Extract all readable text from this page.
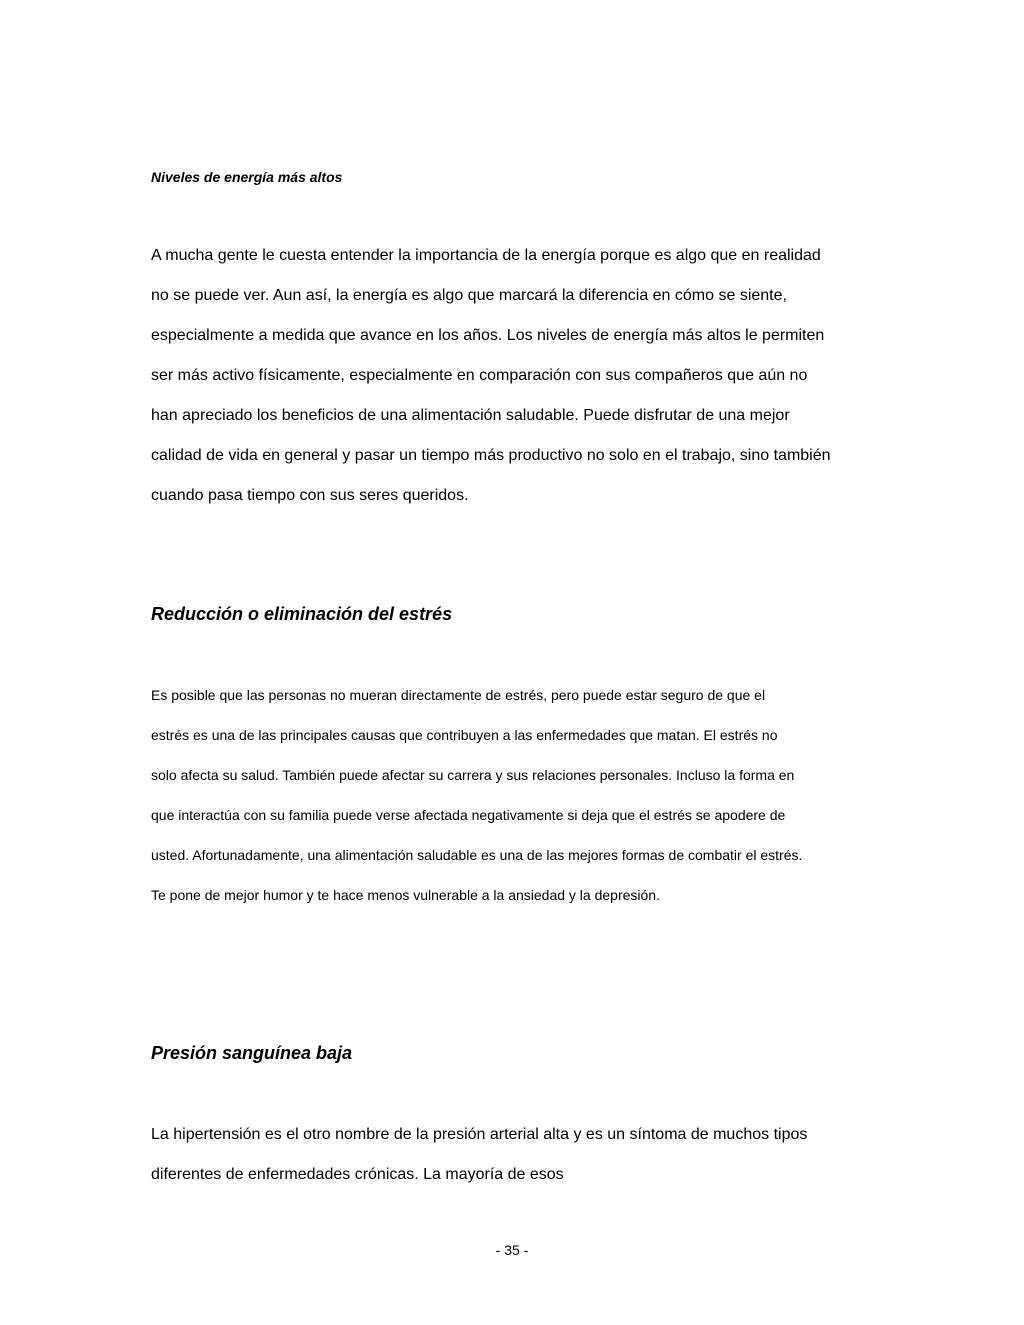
Niveles de energía más altos
A mucha gente le cuesta entender la importancia de la energía porque es algo que en realidad
no se puede ver. Aun así, la energía es algo que marcará la diferencia en cómo se siente,
especialmente a medida que avance en los años. Los niveles de energía más altos le permiten
ser más activo físicamente, especialmente en comparación con sus compañeros que aún no
han apreciado los beneficios de una alimentación saludable. Puede disfrutar de una mejor
calidad de vida en general y pasar un tiempo más productivo no solo en el trabajo, sino también
cuando pasa tiempo con sus seres queridos.
Reducción o eliminación del estrés
Es posible que las personas no mueran directamente de estrés, pero puede estar seguro de que el
estrés es una de las principales causas que contribuyen a las enfermedades que matan. El estrés no
solo afecta su salud. También puede afectar su carrera y sus relaciones personales. Incluso la forma en
que interactúa con su familia puede verse afectada negativamente si deja que el estrés se apodere de
usted. Afortunadamente, una alimentación saludable es una de las mejores formas de combatir el estrés.
Te pone de mejor humor y te hace menos vulnerable a la ansiedad y la depresión.
Presión sanguínea baja
La hipertensión es el otro nombre de la presión arterial alta y es un síntoma de muchos tipos
diferentes de enfermedades crónicas. La mayoría de esos
- 35 -
